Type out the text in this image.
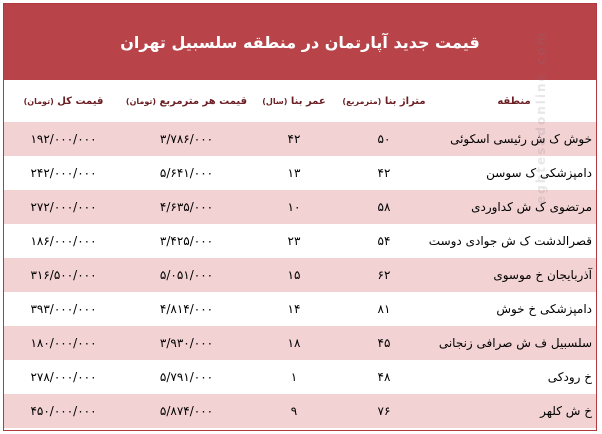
قیمت جدید آپارتمان در منطقه سلسبیل تهران
منطقه	متراژ بنا (مترمربع)	عمر بنا (سال)	قیمت هر مترمربع (تومان)	قیمت کل (تومان)
خوش ک ش رئیسی اسکوئی	۵۰	۴۲	۳/۷۸۶/۰۰۰	۱۹۲/۰۰۰/۰۰۰
دامپزشکی ک سوسن	۴۲	۱۳	۵/۶۴۱/۰۰۰	۲۴۲/۰۰۰/۰۰۰
مرتضوی ک ش کداوردی	۵۸	۱۰	۴/۶۳۵/۰۰۰	۲۷۲/۰۰۰/۰۰۰
قصرالدشت ک ش جوادی دوست	۵۴	۲۳	۳/۴۲۵/۰۰۰	۱۸۶/۰۰۰/۰۰۰
آذربایجان خ موسوی	۶۲	۱۵	۵/۰۵۱/۰۰۰	۳۱۶/۵۰۰/۰۰۰
دامپزشکی خ خوش	۸۱	۱۴	۴/۸۱۴/۰۰۰	۳۹۳/۰۰۰/۰۰۰
سلسبیل ف ش صرافی زنجانی	۴۵	۱۸	۳/۹۳۰/۰۰۰	۱۸۰/۰۰۰/۰۰۰
خ رودکی	۴۸	۱	۵/۷۹۱/۰۰۰	۲۷۸/۰۰۰/۰۰۰
خ ش کلهر	۷۶	۹	۵/۸۷۴/۰۰۰	۴۵۰/۰۰۰/۰۰۰
eghtesadonline.com
